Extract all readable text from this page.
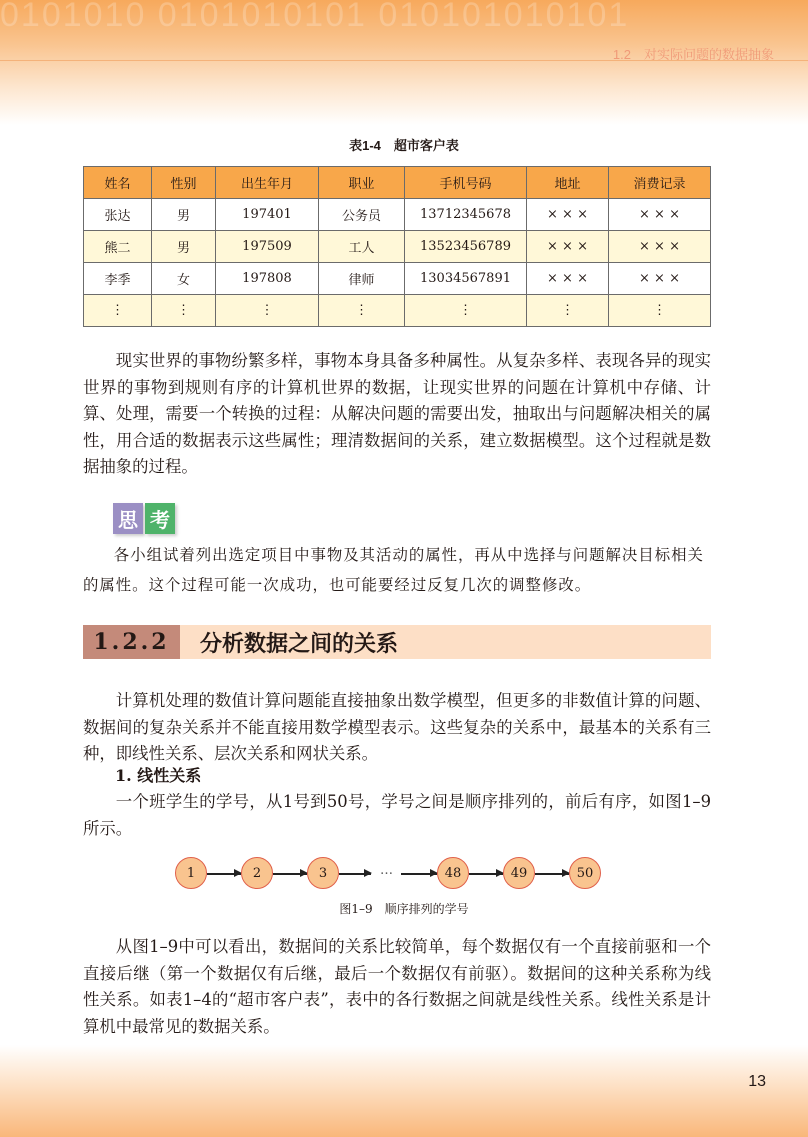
0101010 0101010101 010101010101
1.2　对实际问题的数据抽象
表1-4　超市客户表
姓名	性别	出生年月	职业	手机号码	地址	消费记录
张达	男	197401	公务员	13712345678	× × ×	× × ×
熊二	男	197509	工人	13523456789	× × ×	× × ×
李季	女	197808	律师	13034567891	× × ×	× × ×
⋮	⋮	⋮	⋮	⋮	⋮	⋮

现实世界的事物纷繁多样，事物本身具备多种属性。从复杂多样、表现各异的现实世界的事物到规则有序的计算机世界的数据，让现实世界的问题在计算机中存储、计算、处理，需要一个转换的过程：从解决问题的需要出发，抽取出与问题解决相关的属性，用合适的数据表示这些属性；理清数据间的关系，建立数据模型。这个过程就是数据抽象的过程。

思 考

各小组试着列出选定项目中事物及其活动的属性，再从中选择与问题解决目标相关的属性。这个过程可能一次成功，也可能要经过反复几次的调整修改。

1.2.2	分析数据之间的关系

计算机处理的数值计算问题能直接抽象出数学模型，但更多的非数值计算的问题、数据间的复杂关系并不能直接用数学模型表示。这些复杂的关系中，最基本的关系有三种，即线性关系、层次关系和网状关系。

1. 线性关系

一个班学生的学号，从1号到50号，学号之间是顺序排列的，前后有序，如图1–9所示。

1	2	3	…	48	49	50
图1–9　顺序排列的学号

从图1–9中可以看出，数据间的关系比较简单，每个数据仅有一个直接前驱和一个直接后继（第一个数据仅有后继，最后一个数据仅有前驱）。数据间的这种关系称为线性关系。如表1–4的“超市客户表”，表中的各行数据之间就是线性关系。线性关系是计算机中最常见的数据关系。

13
